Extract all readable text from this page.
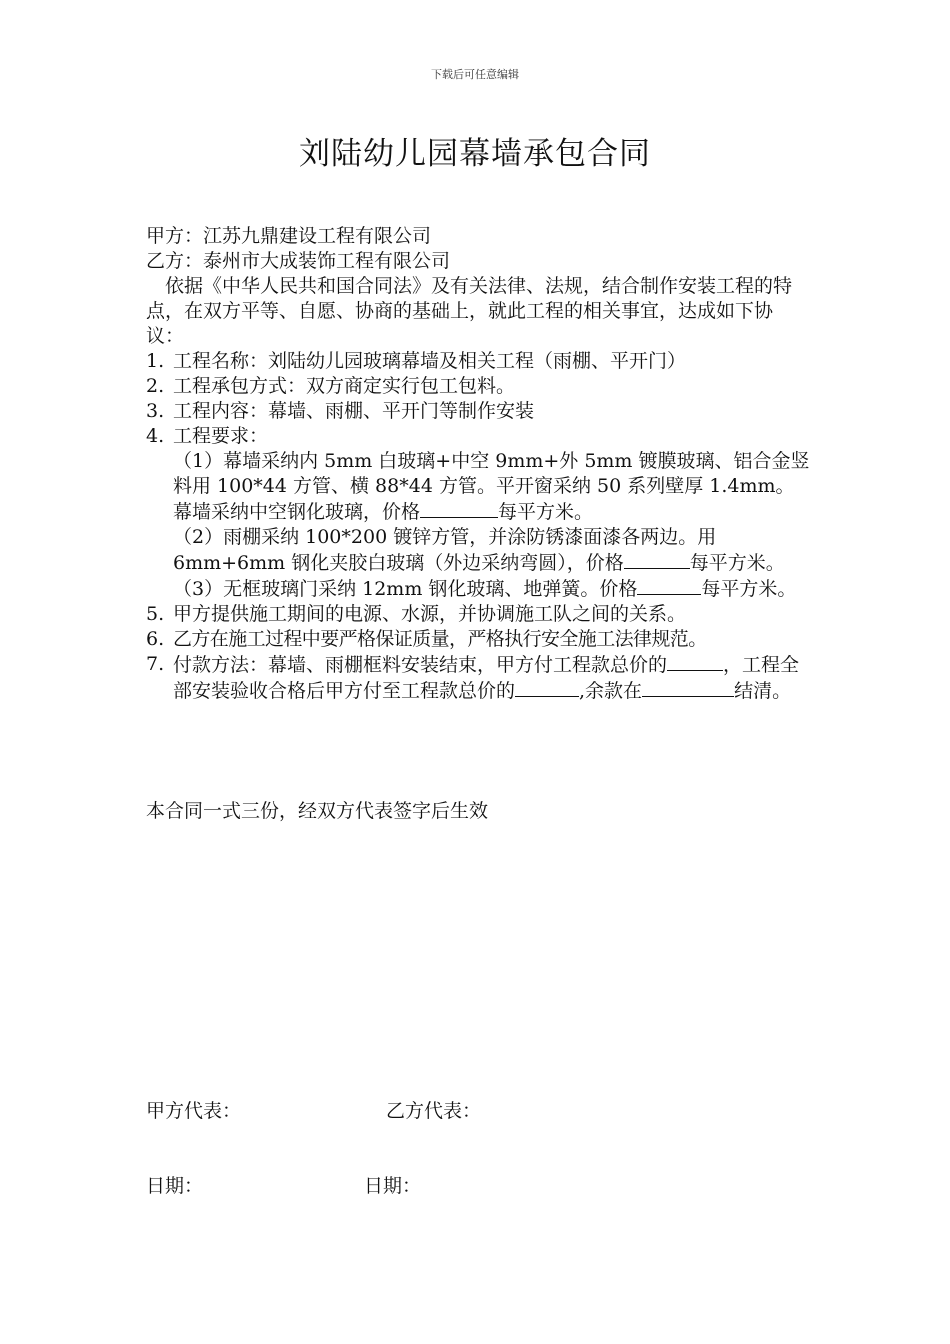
下载后可任意编辑
刘陆幼儿园幕墙承包合同

甲方：江苏九鼎建设工程有限公司

乙方：泰州市大成装饰工程有限公司

依据《中华人民共和国合同法》及有关法律、法规，结合制作安装工程的特点，在双方平等、自愿、协商的基础上，就此工程的相关事宜，达成如下协议：

1. 工程名称：刘陆幼儿园玻璃幕墙及相关工程（雨棚、平开门）
2. 工程承包方式：双方商定实行包工包料。
3. 工程内容：幕墙、雨棚、平开门等制作安装
4. 工程要求：

（1）幕墙采纳内 5mm 白玻璃+中空 9mm+外 5mm 镀膜玻璃、铝合金竖料用 100*44 方管、横 88*44 方管。平开窗采纳 50 系列壁厚 1.4mm。幕墙采纳中空钢化玻璃，价格	每平方米。

（2）雨棚采纳 100*200 镀锌方管，并涂防锈漆面漆各两边。用 6mm+6mm 钢化夹胶白玻璃（外边采纳弯圆），价格	每平方米。

（3）无框玻璃门采纳 12mm 钢化玻璃、地弹簧。价格	每平方米。

5. 甲方提供施工期间的电源、水源，并协调施工队之间的关系。
6. 乙方在施工过程中要严格保证质量，严格执行安全施工法律规范。
7. 付款方法：幕墙、雨棚框料安装结束，甲方付工程款总价的	，工程全部安装验收合格后甲方付至工程款总价的	,余款在	结清。
本合同一式三份，经双方代表签字后生效
甲方代表：	乙方代表：
日期：	日期：
